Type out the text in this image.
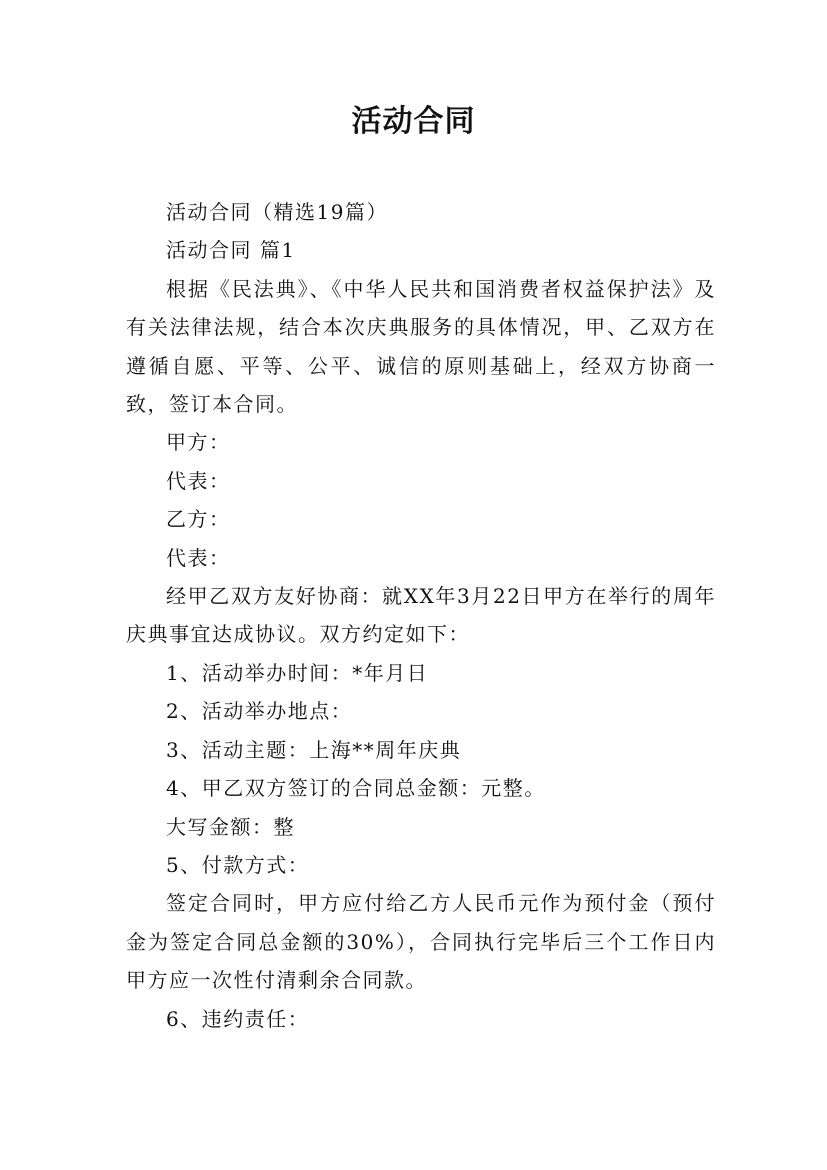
活动合同

活动合同（精选19篇）

活动合同 篇1

根据《民法典》、《中华人民共和国消费者权益保护法》及有关法律法规，结合本次庆典服务的具体情况，甲、乙双方在遵循自愿、平等、公平、诚信的原则基础上，经双方协商一致，签订本合同。

甲方：

代表：

乙方：

代表：

经甲乙双方友好协商：就XX年3月22日甲方在举行的周年庆典事宜达成协议。双方约定如下：

1、活动举办时间：*年月日

2、活动举办地点：

3、活动主题：上海**周年庆典

4、甲乙双方签订的合同总金额：元整。

大写金额：整

5、付款方式：

签定合同时，甲方应付给乙方人民币元作为预付金（预付金为签定合同总金额的30%），合同执行完毕后三个工作日内甲方应一次性付清剩余合同款。

6、违约责任：
